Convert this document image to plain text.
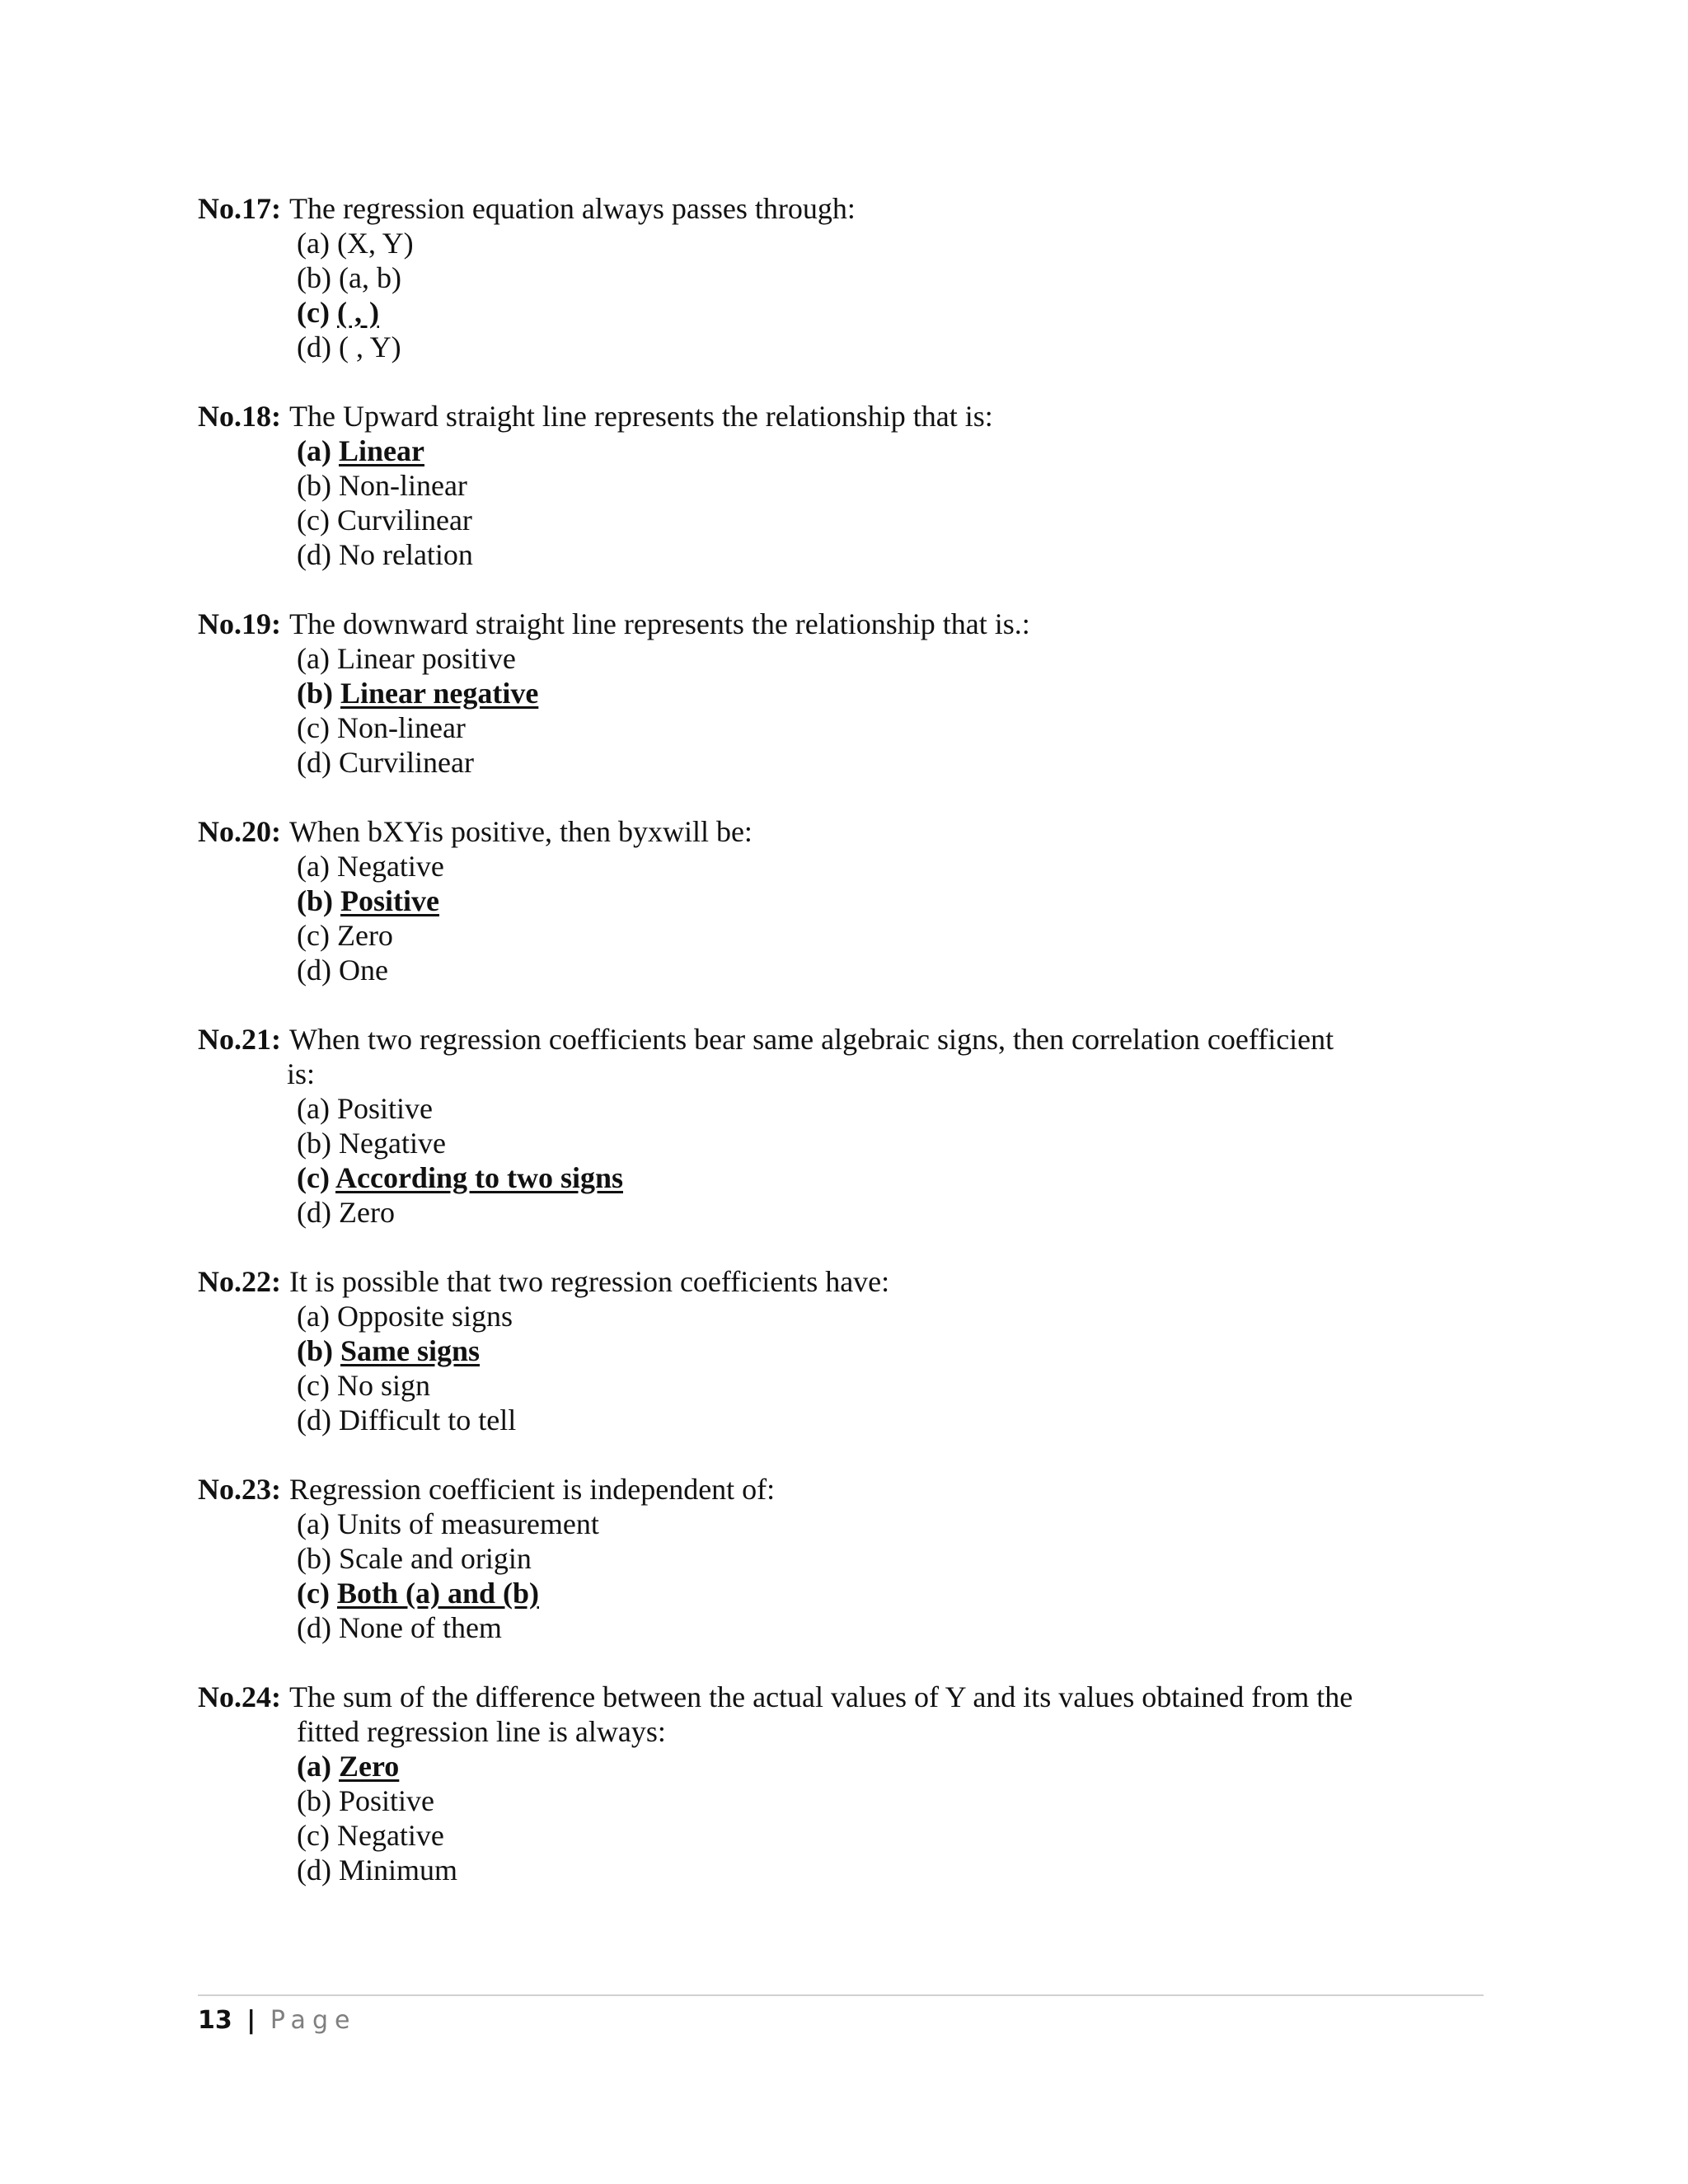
No.17: The regression equation always passes through:
(a) (X, Y)
(b) (a, b)
(c) ( , )
(d) ( , Y)
No.18: The Upward straight line represents the relationship that is:
(a) Linear
(b) Non-linear
(c) Curvilinear
(d) No relation
No.19: The downward straight line represents the relationship that is.:
(a) Linear positive
(b) Linear negative
(c) Non-linear
(d) Curvilinear
No.20: When bXYis positive, then byxwill be:
(a) Negative
(b) Positive
(c) Zero
(d) One
No.21: When two regression coefficients bear same algebraic signs, then correlation coefficient
is:
(a) Positive
(b) Negative
(c) According to two signs
(d) Zero
No.22: It is possible that two regression coefficients have:
(a) Opposite signs
(b) Same signs
(c) No sign
(d) Difficult to tell
No.23: Regression coefficient is independent of:
(a) Units of measurement
(b) Scale and origin
(c) Both (a) and (b)
(d) None of them
No.24: The sum of the difference between the actual values of Y and its values obtained from the
fitted regression line is always:
(a) Zero
(b) Positive
(c) Negative
(d) Minimum
13 | Page
